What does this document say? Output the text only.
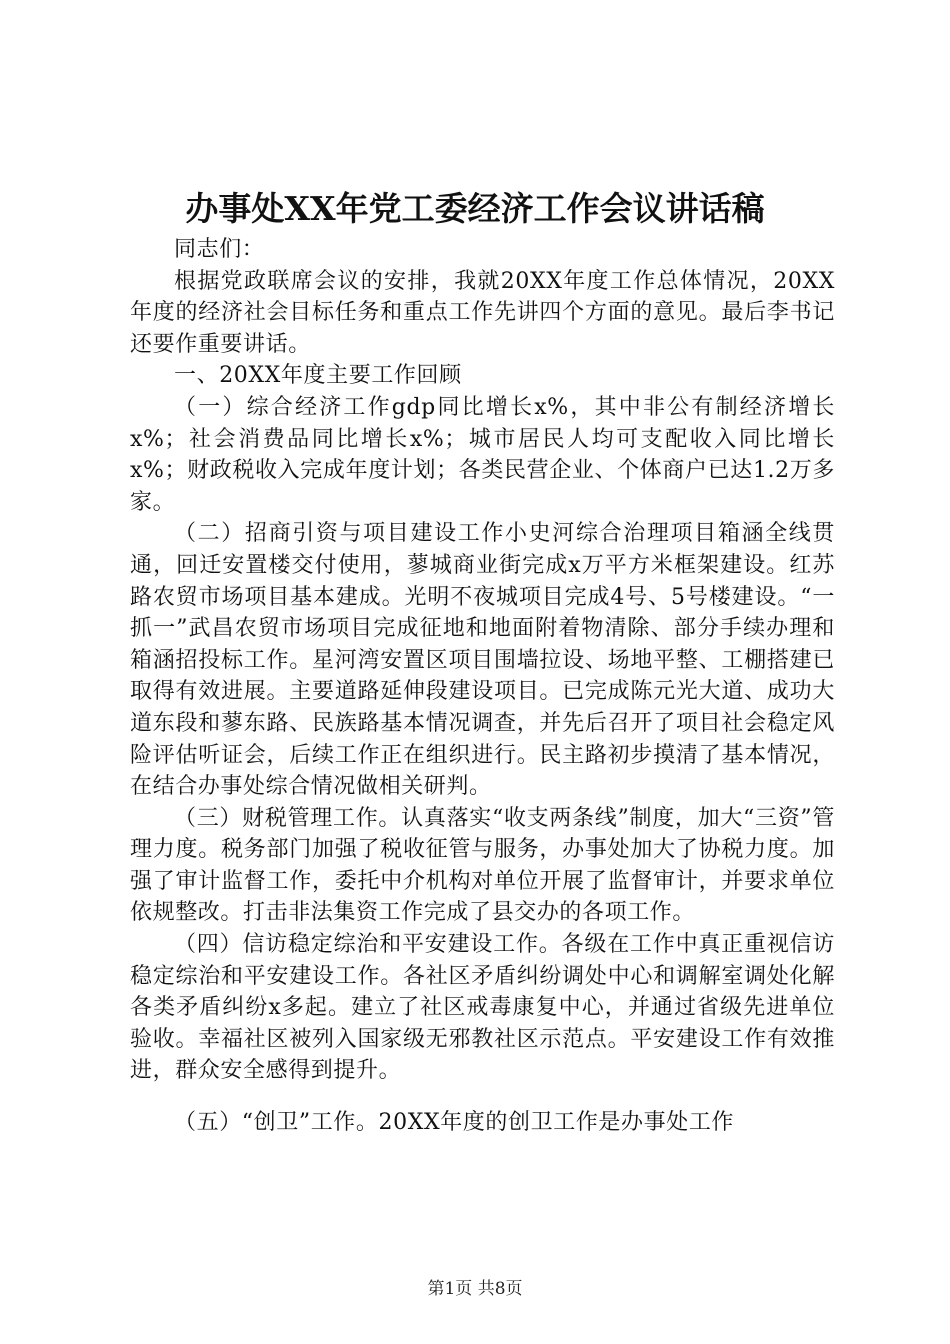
办事处XX年党工委经济工作会议讲话稿

同志们：

根据党政联席会议的安排，我就20XX年度工作总体情况，20XX年度的经济社会目标任务和重点工作先讲四个方面的意见。最后李书记还要作重要讲话。

一、20XX年度主要工作回顾

（一）综合经济工作gdp同比增长x%，其中非公有制经济增长x%；社会消费品同比增长x%；城市居民人均可支配收入同比增长x%；财政税收入完成年度计划；各类民营企业、个体商户已达1.2万多家。

（二）招商引资与项目建设工作小史河综合治理项目箱涵全线贯通，回迁安置楼交付使用，蓼城商业街完成x万平方米框架建设。红苏路农贸市场项目基本建成。光明不夜城项目完成4号、5号楼建设。“一抓一”武昌农贸市场项目完成征地和地面附着物清除、部分手续办理和箱涵招投标工作。星河湾安置区项目围墙拉设、场地平整、工棚搭建已取得有效进展。主要道路延伸段建设项目。已完成陈元光大道、成功大道东段和蓼东路、民族路基本情况调查，并先后召开了项目社会稳定风险评估听证会，后续工作正在组织进行。民主路初步摸清了基本情况，在结合办事处综合情况做相关研判。

（三）财税管理工作。认真落实“收支两条线”制度，加大“三资”管理力度。税务部门加强了税收征管与服务，办事处加大了协税力度。加强了审计监督工作，委托中介机构对单位开展了监督审计，并要求单位依规整改。打击非法集资工作完成了县交办的各项工作。

（四）信访稳定综治和平安建设工作。各级在工作中真正重视信访稳定综治和平安建设工作。各社区矛盾纠纷调处中心和调解室调处化解各类矛盾纠纷x多起。建立了社区戒毒康复中心，并通过省级先进单位验收。幸福社区被列入国家级无邪教社区示范点。平安建设工作有效推进，群众安全感得到提升。

（五）“创卫”工作。20XX年度的创卫工作是办事处工作

第1页 共8页
